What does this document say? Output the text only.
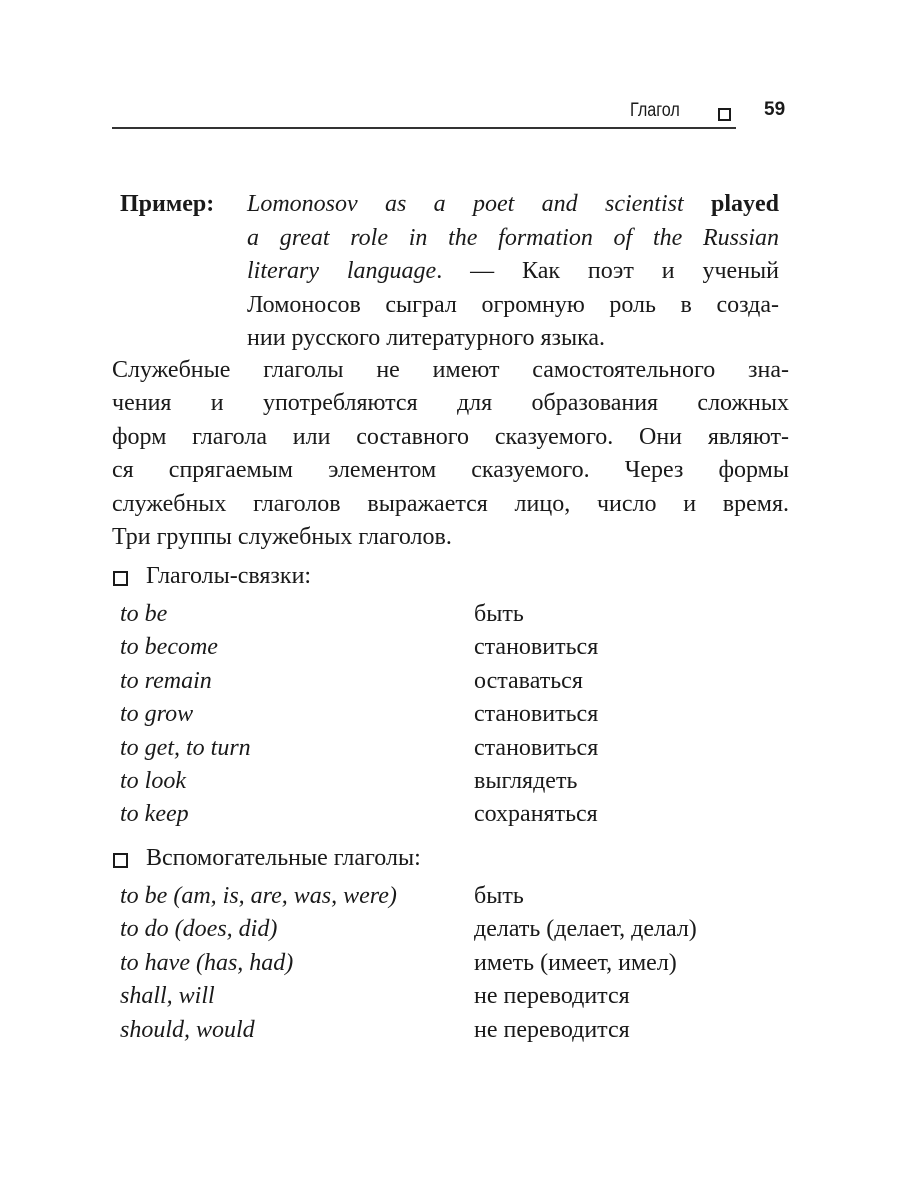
Глагол	59
Пример: Lomonosov as a poet and scientist played
a great role in the formation of the Russian
literary language. — Как поэт и ученый
Ломоносов сыграл огромную роль в созда-
нии русского литературного языка.
Служебные глаголы не имеют самостоятельного зна-
чения и употребляются для образования сложных
форм глагола или составного сказуемого. Они являют-
ся спрягаемым элементом сказуемого. Через формы
служебных глаголов выражается лицо, число и время.
Три группы служебных глаголов.
Глаголы-связки:
to be	быть
to become	становиться
to remain	оставаться
to grow	становиться
to get, to turn	становиться
to look	выглядеть
to keep	сохраняться
Вспомогательные глаголы:
to be (am, is, are, was, were)	быть
to do (does, did)	делать (делает, делал)
to have (has, had)	иметь (имеет, имел)
shall, will	не переводится
should, would	не переводится
